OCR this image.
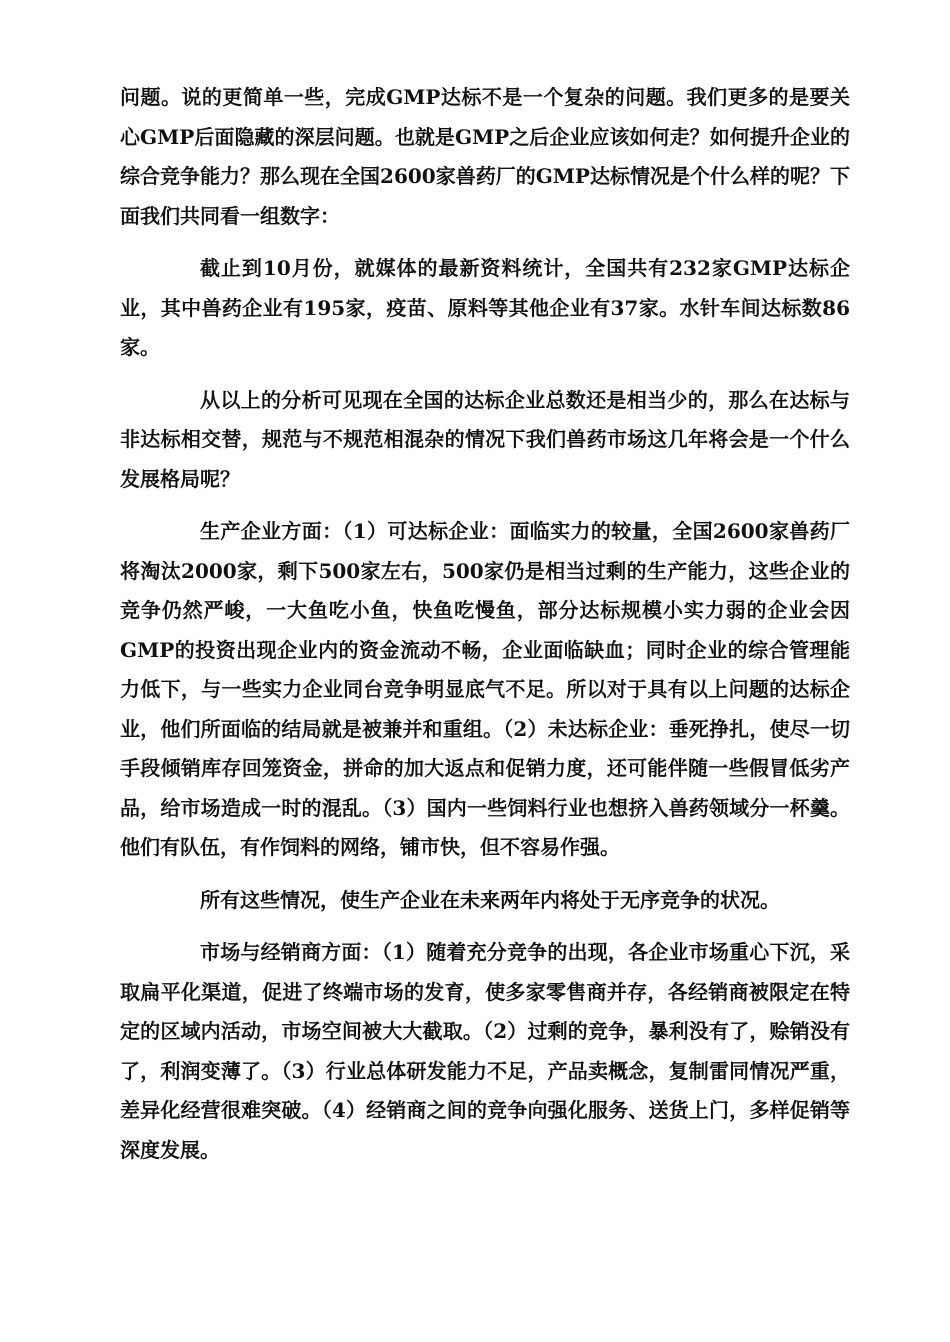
问题。说的更简单一些，完成GMP达标不是一个复杂的问题。我们更多的是要关心GMP后面隐藏的深层问题。也就是GMP之后企业应该如何走？如何提升企业的综合竞争能力？那么现在全国2600家兽药厂的GMP达标情况是个什么样的呢？下面我们共同看一组数字：

截止到10月份，就媒体的最新资料统计，全国共有232家GMP达标企业，其中兽药企业有195家，疫苗、原料等其他企业有37家。水针车间达标数86家。

从以上的分析可见现在全国的达标企业总数还是相当少的，那么在达标与非达标相交替，规范与不规范相混杂的情况下我们兽药市场这几年将会是一个什么发展格局呢？

生产企业方面：（1）可达标企业：面临实力的较量，全国2600家兽药厂将淘汰2000家，剩下500家左右，500家仍是相当过剩的生产能力，这些企业的竞争仍然严峻，一大鱼吃小鱼，快鱼吃慢鱼，部分达标规模小实力弱的企业会因GMP的投资出现企业内的资金流动不畅，企业面临缺血；同时企业的综合管理能力低下，与一些实力企业同台竞争明显底气不足。所以对于具有以上问题的达标企业，他们所面临的结局就是被兼并和重组。（2）未达标企业：垂死挣扎，使尽一切手段倾销库存回笼资金，拼命的加大返点和促销力度，还可能伴随一些假冒低劣产品，给市场造成一时的混乱。（3）国内一些饲料行业也想挤入兽药领域分一杯羹。他们有队伍，有作饲料的网络，铺市快，但不容易作强。

所有这些情况，使生产企业在未来两年内将处于无序竞争的状况。

市场与经销商方面：（1）随着充分竞争的出现，各企业市场重心下沉，采取扁平化渠道，促进了终端市场的发育，使多家零售商并存，各经销商被限定在特定的区域内活动，市场空间被大大截取。（2）过剩的竞争，暴利没有了，赊销没有了，利润变薄了。（3）行业总体研发能力不足，产品卖概念，复制雷同情况严重，差异化经营很难突破。（4）经销商之间的竞争向强化服务、送货上门，多样促销等深度发展。
